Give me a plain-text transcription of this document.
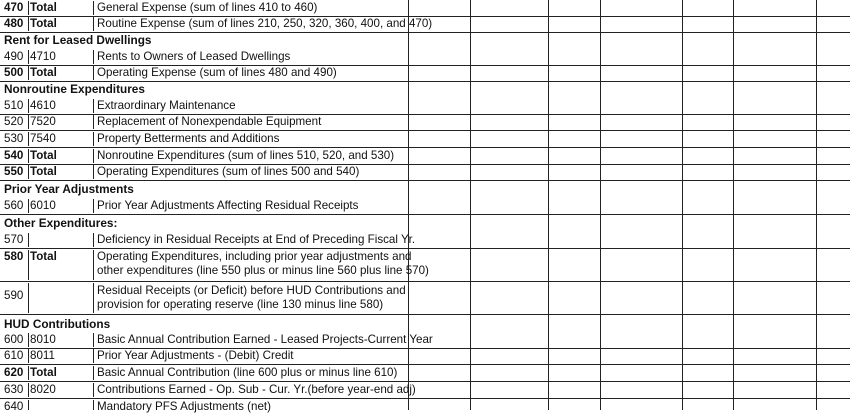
470 Total	General Expense (sum of lines 410 to 460)
480 Total	Routine Expense (sum of lines 210, 250, 320, 360, 400, and 470)
Rent for Leased Dwellings
490 4710	Rents to Owners of Leased Dwellings
500 Total	Operating Expense (sum of lines 480 and 490)
Nonroutine Expenditures
510 4610	Extraordinary Maintenance
520 7520	Replacement of Nonexpendable Equipment
530 7540	Property Betterments and Additions
540 Total	Nonroutine Expenditures (sum of lines 510, 520, and 530)
550 Total	Operating Expenditures (sum of lines 500 and 540)
Prior Year Adjustments
560 6010	Prior Year Adjustments Affecting Residual Receipts
Other Expenditures:
570	Deficiency in Residual Receipts at End of Preceding Fiscal Yr.
580 Total	Operating Expenditures, including prior year adjustments and
other expenditures (line 550 plus or minus line 560 plus line 570)
590	Residual Receipts (or Deficit) before HUD Contributions and
provision for operating reserve (line 130 minus line 580)
HUD Contributions
600 8010	Basic Annual Contribution Earned - Leased Projects-Current Year
610 8011	Prior Year Adjustments - (Debit) Credit
620 Total	Basic Annual Contribution (line 600 plus or minus line 610)
630 8020	Contributions Earned - Op. Sub - Cur. Yr.(before year-end adj)
640	Mandatory PFS Adjustments (net)
